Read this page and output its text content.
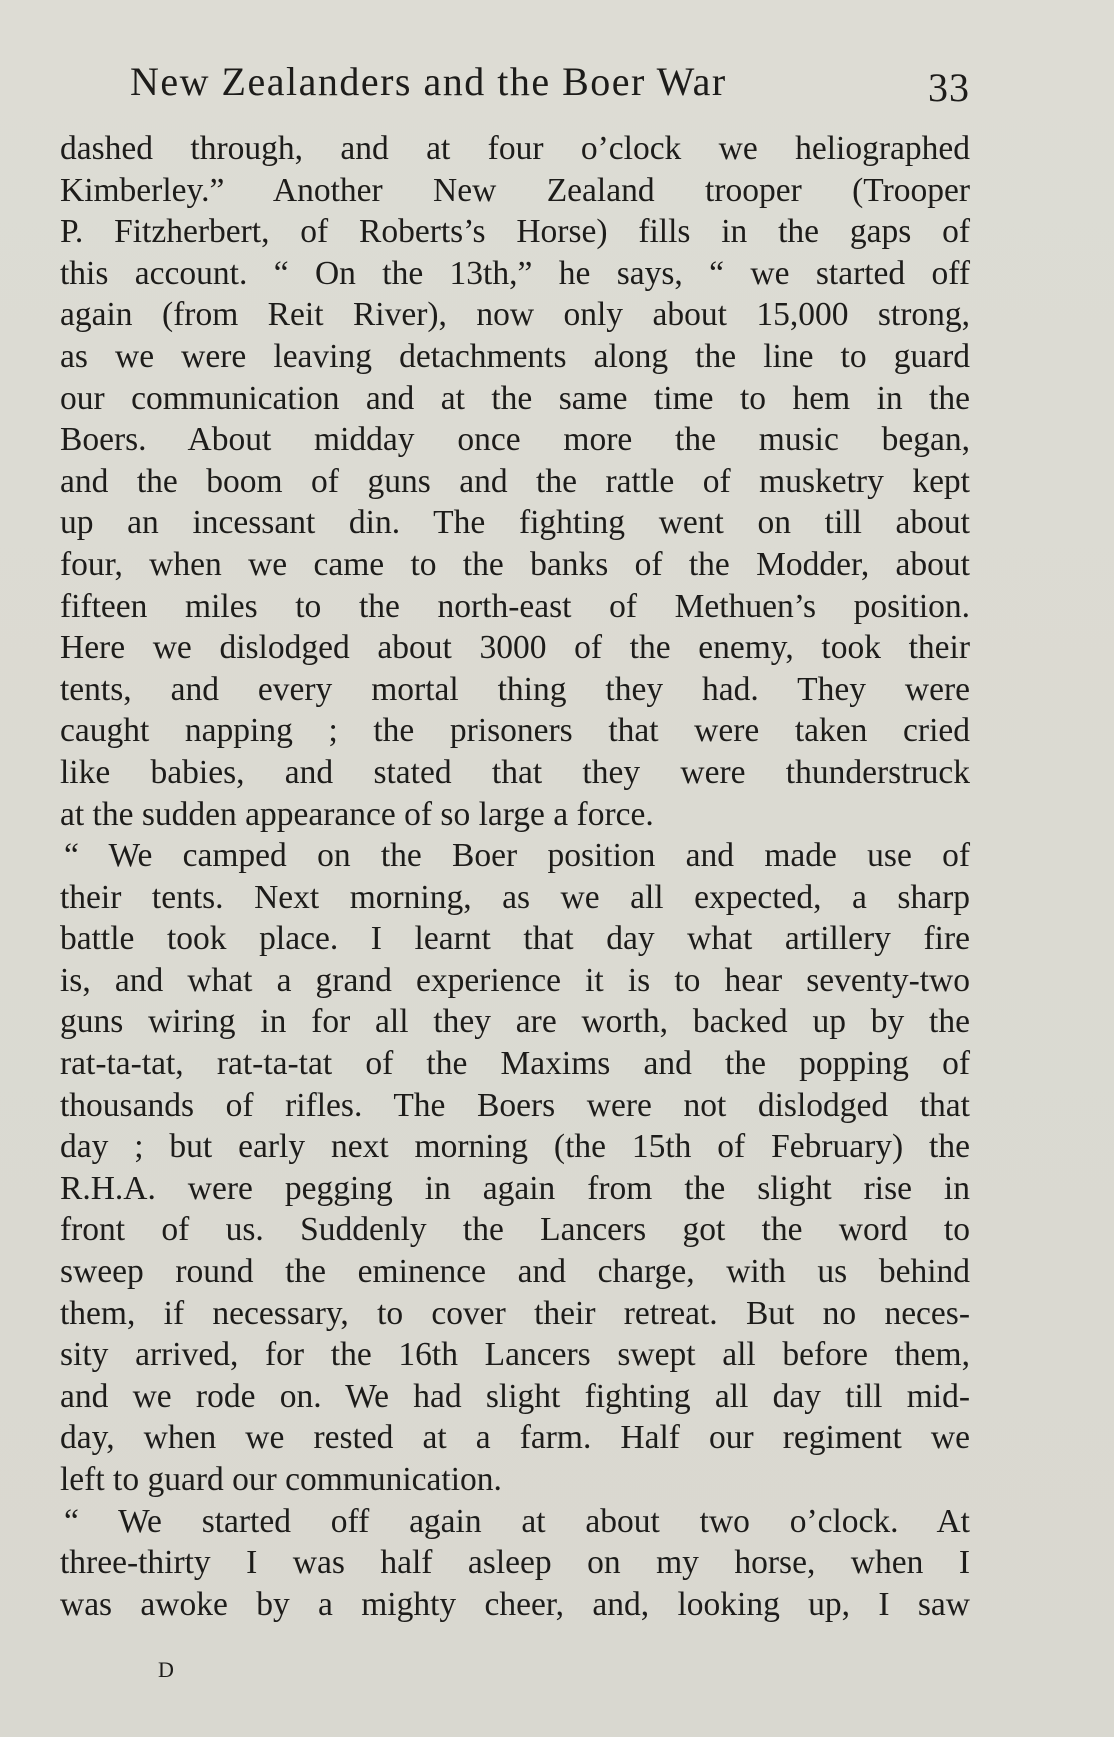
New Zealanders and the Boer War	33
dashed through, and at four o’clock we heliographed
Kimberley.” Another New Zealand trooper (Trooper
P. Fitzherbert, of Roberts’s Horse) fills in the gaps of
this account. “ On the 13th,” he says, “ we started off
again (from Reit River), now only about 15,000 strong,
as we were leaving detachments along the line to guard
our communication and at the same time to hem in the
Boers. About midday once more the music began,
and the boom of guns and the rattle of musketry kept
up an incessant din. The fighting went on till about
four, when we came to the banks of the Modder, about
fifteen miles to the north-east of Methuen’s position.
Here we dislodged about 3000 of the enemy, took their
tents, and every mortal thing they had. They were
caught napping ; the prisoners that were taken cried
like babies, and stated that they were thunderstruck
at the sudden appearance of so large a force.
“ We camped on the Boer position and made use of
their tents. Next morning, as we all expected, a sharp
battle took place. I learnt that day what artillery fire
is, and what a grand experience it is to hear seventy-two
guns wiring in for all they are worth, backed up by the
rat-ta-tat, rat-ta-tat of the Maxims and the popping of
thousands of rifles. The Boers were not dislodged that
day ; but early next morning (the 15th of February) the
R.H.A. were pegging in again from the slight rise in
front of us. Suddenly the Lancers got the word to
sweep round the eminence and charge, with us behind
them, if necessary, to cover their retreat. But no neces-
sity arrived, for the 16th Lancers swept all before them,
and we rode on. We had slight fighting all day till mid-
day, when we rested at a farm. Half our regiment we
left to guard our communication.
“ We started off again at about two o’clock. At
three-thirty I was half asleep on my horse, when I
was awoke by a mighty cheer, and, looking up, I saw
D
